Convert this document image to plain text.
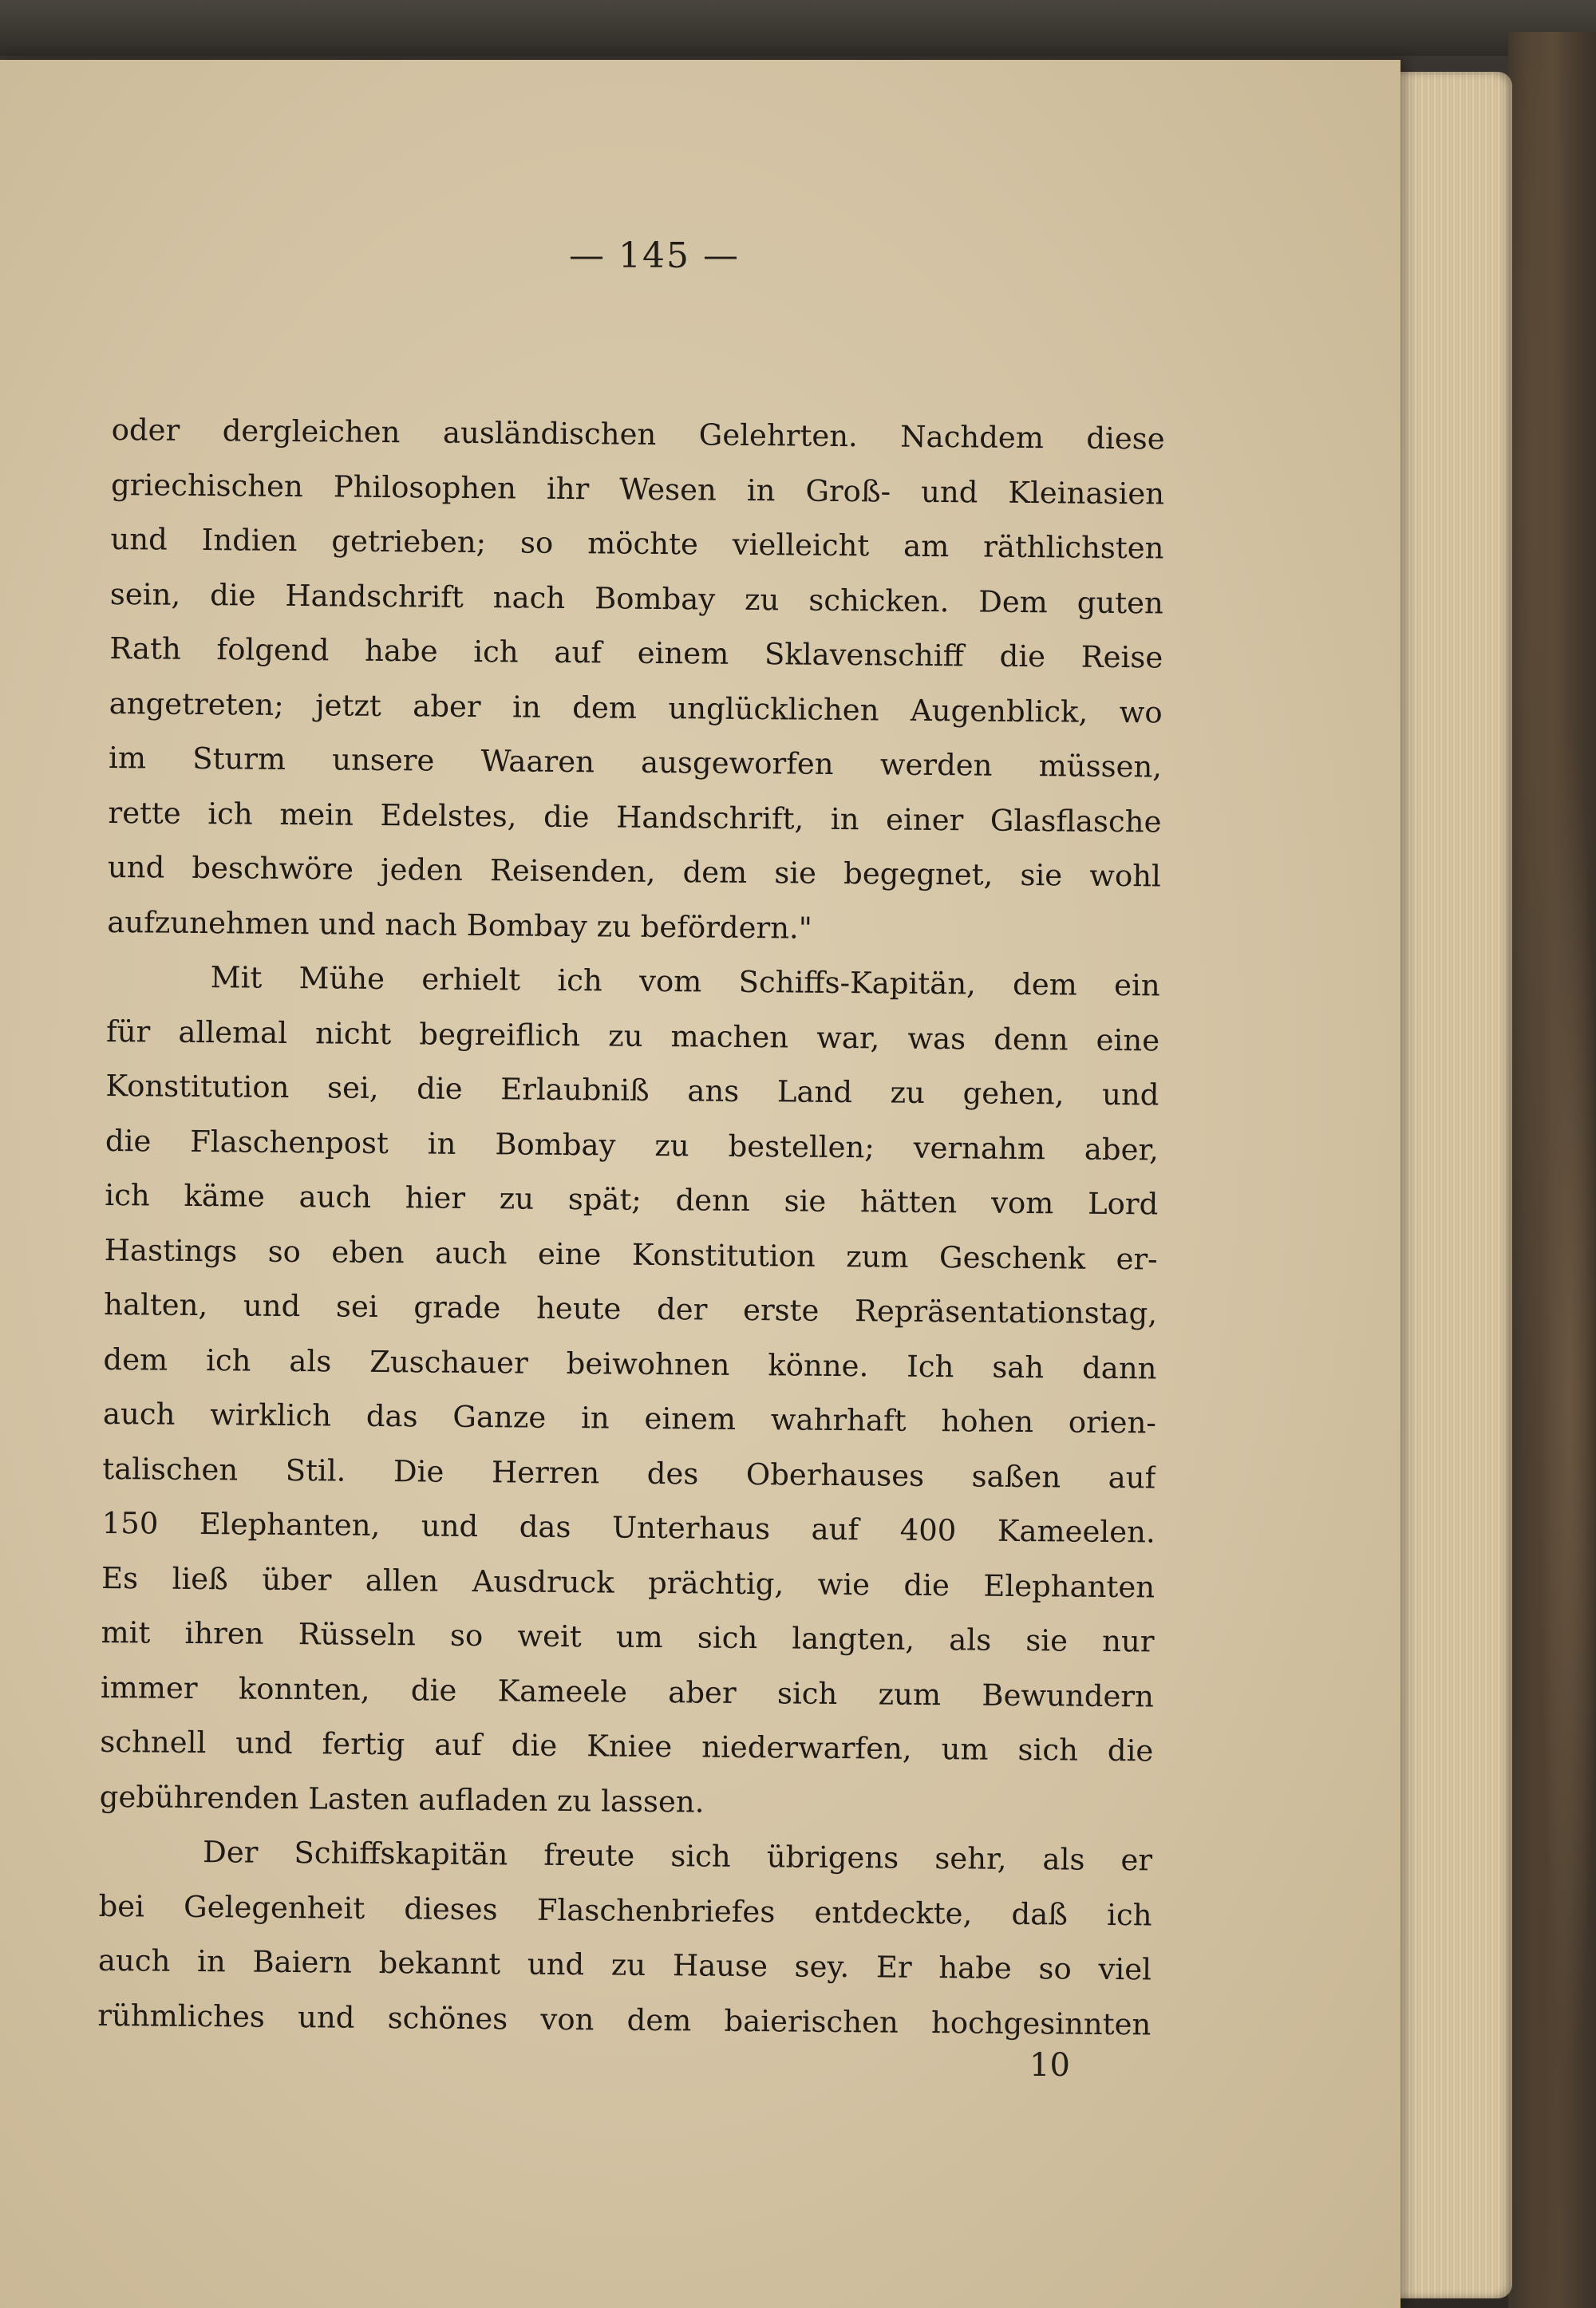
— 145 —
oder dergleichen ausländischen Gelehrten. Nachdem diese
griechischen Philosophen ihr Wesen in Groß- und Kleinasien
und Indien getrieben; so möchte vielleicht am räthlichsten
sein, die Handschrift nach Bombay zu schicken. Dem guten
Rath folgend habe ich auf einem Sklavenschiff die Reise
angetreten; jetzt aber in dem unglücklichen Augenblick, wo
im Sturm unsere Waaren ausgeworfen werden müssen,
rette ich mein Edelstes, die Handschrift, in einer Glasflasche
und beschwöre jeden Reisenden, dem sie begegnet, sie wohl
aufzunehmen und nach Bombay zu befördern."
Mit Mühe erhielt ich vom Schiffs-Kapitän, dem ein
für allemal nicht begreiflich zu machen war, was denn eine
Konstitution sei, die Erlaubniß ans Land zu gehen, und
die Flaschenpost in Bombay zu bestellen; vernahm aber,
ich käme auch hier zu spät; denn sie hätten vom Lord
Hastings so eben auch eine Konstitution zum Geschenk er-
halten, und sei grade heute der erste Repräsentationstag,
dem ich als Zuschauer beiwohnen könne. Ich sah dann
auch wirklich das Ganze in einem wahrhaft hohen orien-
talischen Stil. Die Herren des Oberhauses saßen auf
150 Elephanten, und das Unterhaus auf 400 Kameelen.
Es ließ über allen Ausdruck prächtig, wie die Elephanten
mit ihren Rüsseln so weit um sich langten, als sie nur
immer konnten, die Kameele aber sich zum Bewundern
schnell und fertig auf die Kniee niederwarfen, um sich die
gebührenden Lasten aufladen zu lassen.
Der Schiffskapitän freute sich übrigens sehr, als er
bei Gelegenheit dieses Flaschenbriefes entdeckte, daß ich
auch in Baiern bekannt und zu Hause sey. Er habe so viel
rühmliches und schönes von dem baierischen hochgesinnten
10
